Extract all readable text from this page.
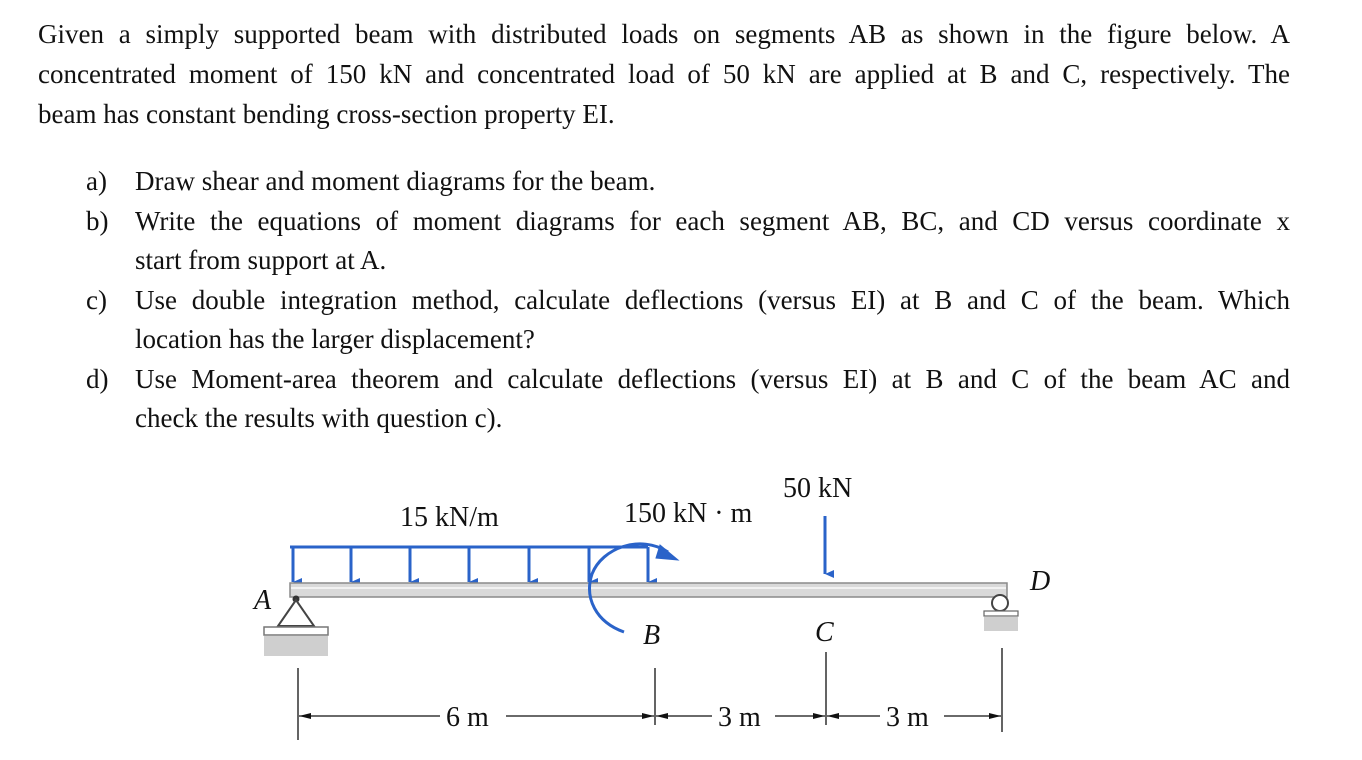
Given a simply supported beam with distributed loads on segments AB as shown in the figure below. A
concentrated moment of 150 kN and concentrated load of 50 kN are applied at B and C, respectively. The
beam has constant bending cross-section property EI.
a) Draw shear and moment diagrams for the beam.
b) Write the equations of moment diagrams for each segment AB, BC, and CD versus coordinate x
start from support at A.
c) Use double integration method, calculate deflections (versus EI) at B and C of the beam. Which
location has the larger displacement?
d) Use Moment-area theorem and calculate deflections (versus EI) at B and C of the beam AC and
check the results with question c).
15 kN/m	150 kN · m
50 kN
A
B	C
D
6 m	3 m	3 m
